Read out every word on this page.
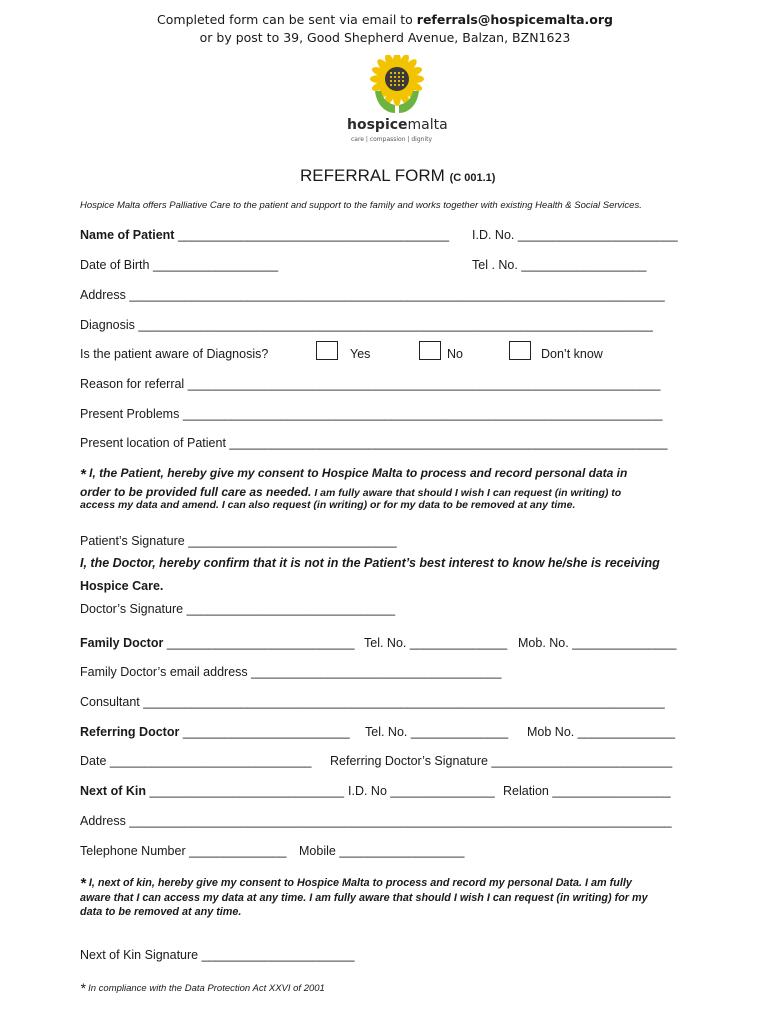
Completed form can be sent via email to referrals@hospicemalta.org
or by post to 39, Good Shepherd Avenue, Balzan, BZN1623
hospicemalta
care | compassion | dignity
REFERRAL FORM (C 001.1)
Hospice Malta offers Palliative Care to the patient and support to the family and works together with existing Health & Social Services.
Name of Patient _______________________________________ I.D. No. _______________________
Date of Birth __________________	Tel . No. __________________
Address _____________________________________________________________________________
Diagnosis __________________________________________________________________________
Is the patient aware of Diagnosis?	Yes	No	Don’t know
Reason for referral ____________________________________________________________________
Present Problems _____________________________________________________________________
Present location of Patient _______________________________________________________________
* I, the Patient, hereby give my consent to Hospice Malta to process and record personal data in
order to be provided full care as needed. I am fully aware that should I wish I can request (in writing) to
access my data and amend. I can also request (in writing) or for my data to be removed at any time.
Patient’s Signature ______________________________
I, the Doctor, hereby confirm that it is not in the Patient’s best interest to know he/she is receiving
Hospice Care.
Doctor’s Signature ______________________________
Family Doctor ___________________________ Tel. No. ______________ Mob. No. _______________
Family Doctor’s email address ____________________________________
Consultant ___________________________________________________________________________
Referring Doctor ________________________ Tel. No. ______________ Mob No. ______________
Date _____________________________ Referring Doctor’s Signature __________________________
Next of Kin ____________________________ I.D. No _______________ Relation _________________
Address ______________________________________________________________________________
Telephone Number ______________ Mobile __________________
* I, next of kin, hereby give my consent to Hospice Malta to process and record my personal Data. I am fully
aware that I can access my data at any time. I am fully aware that should I wish I can request (in writing) for my
data to be removed at any time.
Next of Kin Signature ______________________
* In compliance with the Data Protection Act XXVI of 2001
